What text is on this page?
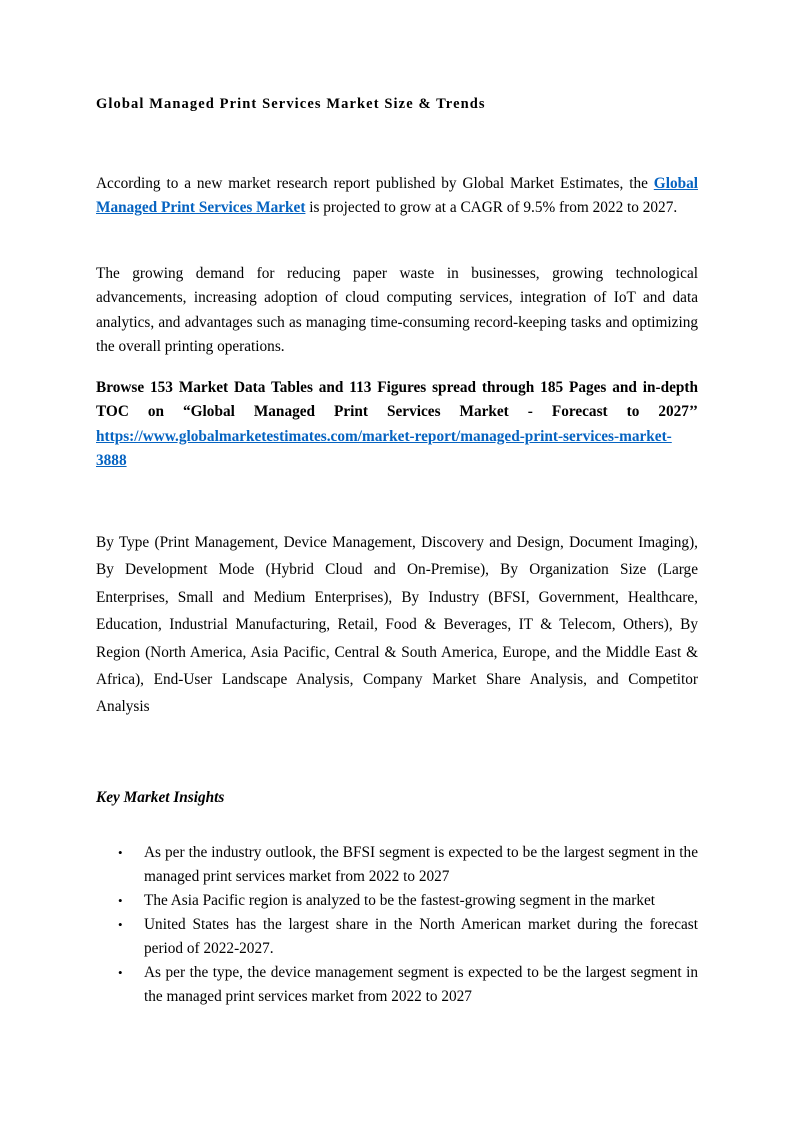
Global Managed Print Services Market Size & Trends

According to a new market research report published by Global Market Estimates, the Global Managed Print Services Market is projected to grow at a CAGR of 9.5% from 2022 to 2027.

The growing demand for reducing paper waste in businesses, growing technological advancements, increasing adoption of cloud computing services, integration of IoT and data analytics, and advantages such as managing time-consuming record-keeping tasks and optimizing the overall printing operations.

Browse 153 Market Data Tables and 113 Figures spread through 185 Pages and in-depth TOC on “Global Managed Print Services Market - Forecast to 2027’’ https://www.globalmarketestimates.com/market-report/managed-print-services-market-3888

By Type (Print Management, Device Management, Discovery and Design, Document Imaging), By Development Mode (Hybrid Cloud and On-Premise), By Organization Size (Large Enterprises, Small and Medium Enterprises), By Industry (BFSI, Government, Healthcare, Education, Industrial Manufacturing, Retail, Food & Beverages, IT & Telecom, Others), By Region (North America, Asia Pacific, Central & South America, Europe, and the Middle East & Africa), End-User Landscape Analysis, Company Market Share Analysis, and Competitor Analysis

Key Market Insights
• As per the industry outlook, the BFSI segment is expected to be the largest segment in the managed print services market from 2022 to 2027
• The Asia Pacific region is analyzed to be the fastest-growing segment in the market
• United States has the largest share in the North American market during the forecast period of 2022-2027.
• As per the type, the device management segment is expected to be the largest segment in the managed print services market from 2022 to 2027
